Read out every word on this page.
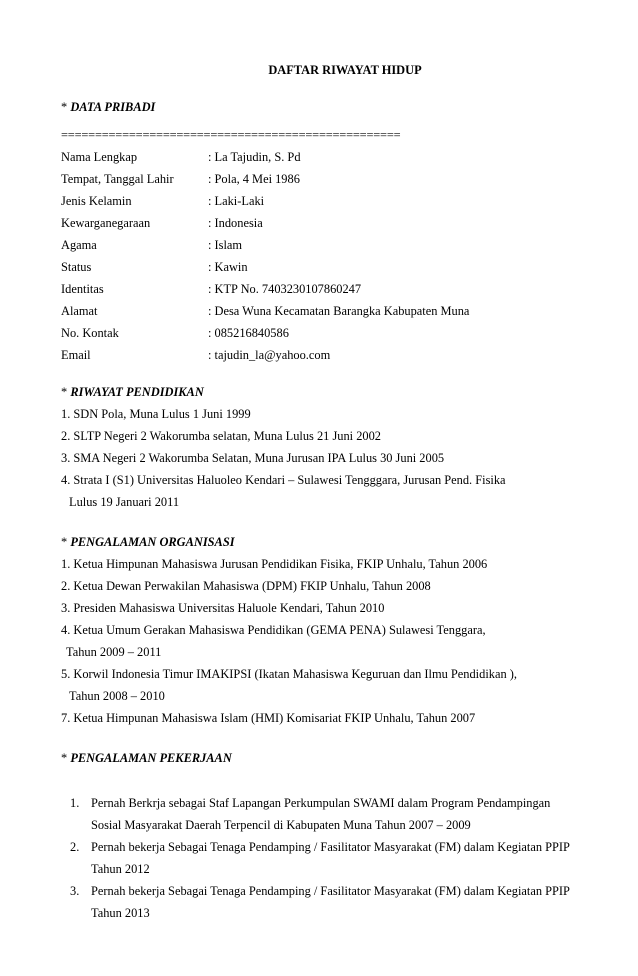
DAFTAR RIWAYAT HIDUP
* DATA PRIBADI
==================================================
Nama Lengkap	: La Tajudin, S. Pd
Tempat, Tanggal Lahir	: Pola, 4 Mei 1986
Jenis Kelamin	: Laki-Laki
Kewarganegaraan	: Indonesia
Agama	: Islam
Status	: Kawin
Identitas	: KTP No. 7403230107860247
Alamat	: Desa Wuna Kecamatan Barangka Kabupaten Muna
No. Kontak	: 085216840586
Email	: tajudin_la@yahoo.com
* RIWAYAT PENDIDIKAN
1. SDN Pola, Muna Lulus 1 Juni 1999
2. SLTP Negeri 2 Wakorumba selatan, Muna Lulus 21 Juni 2002
3. SMA Negeri 2 Wakorumba Selatan, Muna Jurusan IPA Lulus 30 Juni 2005
4. Strata I (S1) Universitas Haluoleo Kendari – Sulawesi Tengggara, Jurusan Pend. Fisika
Lulus 19 Januari 2011
* PENGALAMAN ORGANISASI
1. Ketua Himpunan Mahasiswa Jurusan Pendidikan Fisika, FKIP Unhalu, Tahun 2006
2. Ketua Dewan Perwakilan Mahasiswa (DPM) FKIP Unhalu, Tahun 2008
3. Presiden Mahasiswa Universitas Haluole Kendari, Tahun 2010
4. Ketua Umum Gerakan Mahasiswa Pendidikan (GEMA PENA) Sulawesi Tenggara,
Tahun 2009 – 2011
5. Korwil Indonesia Timur IMAKIPSI (Ikatan Mahasiswa Keguruan dan Ilmu Pendidikan ),
Tahun 2008 – 2010
7. Ketua Himpunan Mahasiswa Islam (HMI) Komisariat FKIP Unhalu, Tahun 2007
* PENGALAMAN PEKERJAAN
1. Pernah Berkrja sebagai Staf Lapangan Perkumpulan SWAMI dalam Program Pendampingan
Sosial Masyarakat Daerah Terpencil di Kabupaten Muna Tahun 2007 – 2009
2. Pernah bekerja Sebagai Tenaga Pendamping / Fasilitator Masyarakat (FM) dalam Kegiatan PPIP
Tahun 2012
3. Pernah bekerja Sebagai Tenaga Pendamping / Fasilitator Masyarakat (FM) dalam Kegiatan PPIP
Tahun 2013
